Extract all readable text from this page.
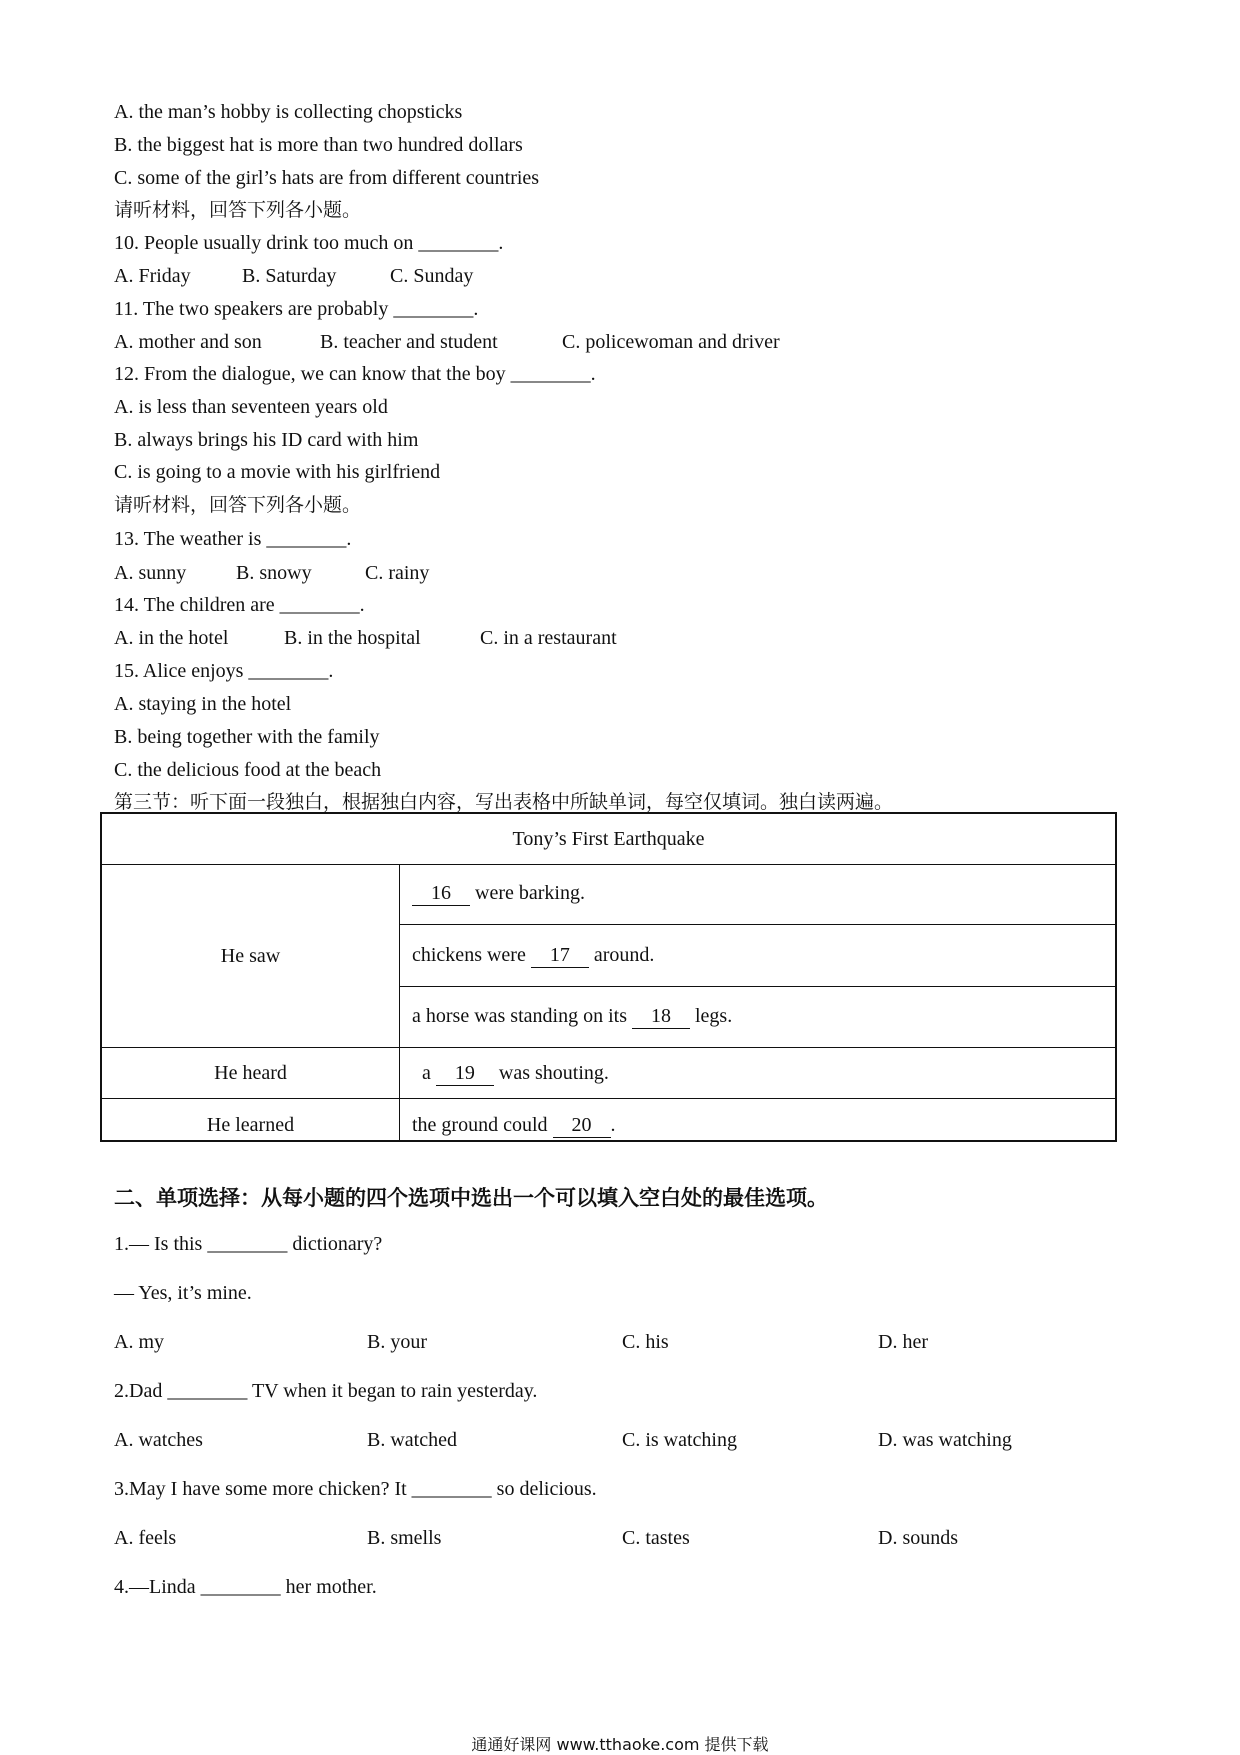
A. the man’s hobby is collecting chopsticks
B. the biggest hat is more than two hundred dollars
C. some of the girl’s hats are from different countries
请听材料，回答下列各小题。
10. People usually drink too much on ________.
A. Friday	B. Saturday	C. Sunday
11. The two speakers are probably ________.
A. mother and son	B. teacher and student	C. policewoman and driver
12. From the dialogue, we can know that the boy ________.
A. is less than seventeen years old
B. always brings his ID card with him
C. is going to a movie with his girlfriend
请听材料，回答下列各小题。
13. The weather is ________.
A. sunny B. snowy	C. rainy
14. The children are ________.
A. in the hotel	B. in the hospital	C. in a restaurant
15. Alice enjoys ________.
A. staying in the hotel
B. being together with the family
C. the delicious food at the beach
第三节：听下面一段独白，根据独白内容，写出表格中所缺单词，每空仅填词。独白读两遍。
Tony’s First Earthquake
He saw
16 were barking.
chickens were 17 around.
a horse was standing on its 18 legs.
He heard	a 19 was shouting.
He learned	the ground could 20 .
二、单项选择：从每小题的四个选项中选出一个可以填入空白处的最佳选项。
1.— Is this ________ dictionary?
— Yes, it’s mine.
A. my	B. your	C. his	D. her
2.Dad ________ TV when it began to rain yesterday.
A. watches	B. watched	C. is watching	D. was watching
3.May I have some more chicken? It ________ so delicious.
A. feels	B. smells	C. tastes	D. sounds
4.—Linda ________ her mother.
通通好课网 www.tthaoke.com 提供下载
